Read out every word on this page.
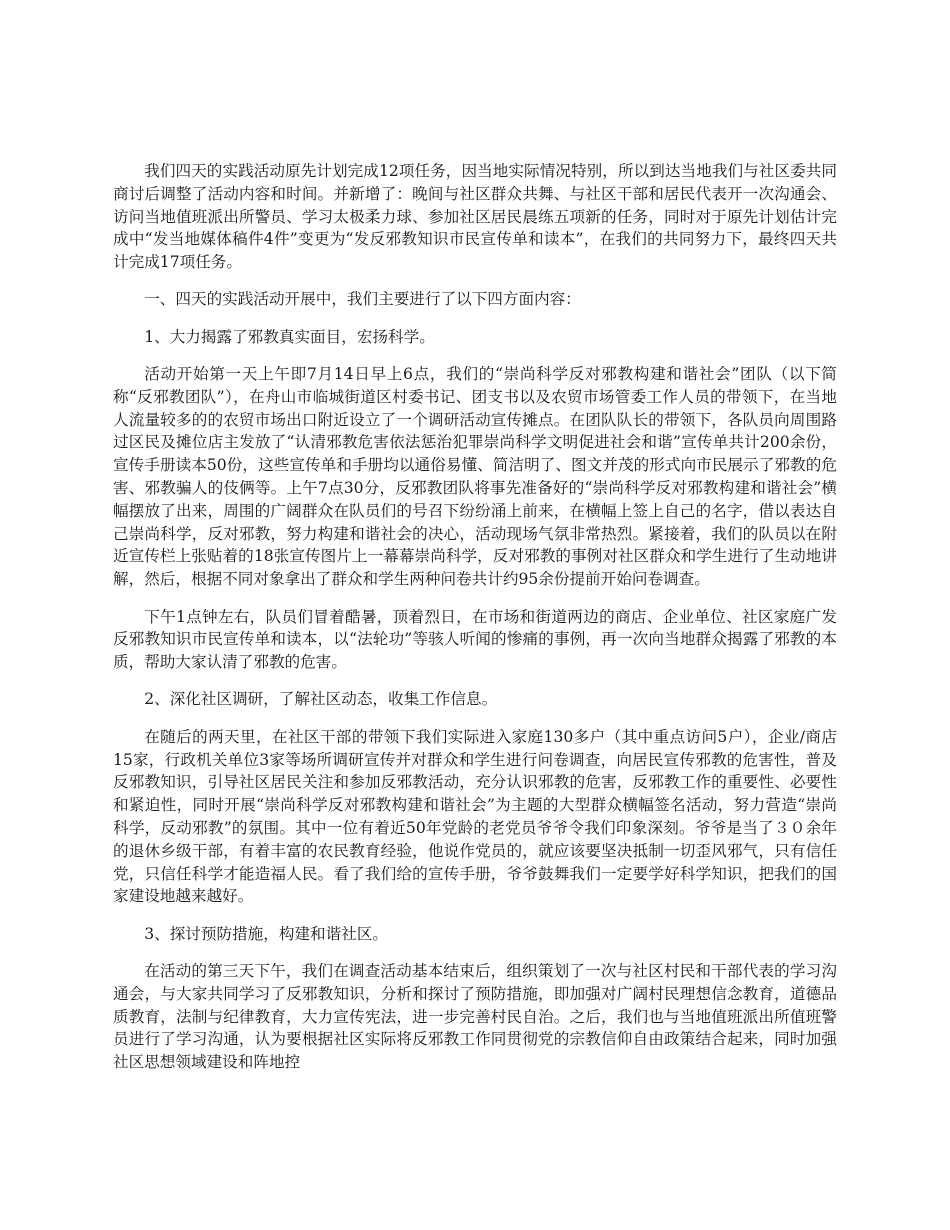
我们四天的实践活动原先计划完成12项任务，因当地实际情况特别，所以到达当地我们与社区委共同商讨后调整了活动内容和时间。并新增了：晚间与社区群众共舞、与社区干部和居民代表开一次沟通会、访问当地值班派出所警员、学习太极柔力球、参加社区居民晨练五项新的任务，同时对于原先计划估计完成中“发当地媒体稿件4件”变更为“发反邪教知识市民宣传单和读本”，在我们的共同努力下，最终四天共计完成17项任务。

一、四天的实践活动开展中，我们主要进行了以下四方面内容：

1、大力揭露了邪教真实面目，宏扬科学。

活动开始第一天上午即7月14日早上6点，我们的“崇尚科学反对邪教构建和谐社会”团队（以下简称“反邪教团队”），在舟山市临城街道区村委书记、团支书以及农贸市场管委工作人员的带领下，在当地人流量较多的的农贸市场出口附近设立了一个调研活动宣传摊点。在团队队长的带领下，各队员向周围路过区民及摊位店主发放了“认清邪教危害依法惩治犯罪崇尚科学文明促进社会和谐”宣传单共计200余份，宣传手册读本50份，这些宣传单和手册均以通俗易懂、简洁明了、图文并茂的形式向市民展示了邪教的危害、邪教骗人的伎俩等。上午7点30分，反邪教团队将事先准备好的“崇尚科学反对邪教构建和谐社会”横幅摆放了出来，周围的广阔群众在队员们的号召下纷纷涌上前来，在横幅上签上自己的名字，借以表达自己崇尚科学，反对邪教，努力构建和谐社会的决心，活动现场气氛非常热烈。紧接着，我们的队员以在附近宣传栏上张贴着的18张宣传图片上一幕幕崇尚科学，反对邪教的事例对社区群众和学生进行了生动地讲解，然后，根据不同对象拿出了群众和学生两种问卷共计约95余份提前开始问卷调查。

下午1点钟左右，队员们冒着酷暑，顶着烈日，在市场和街道两边的商店、企业单位、社区家庭广发反邪教知识市民宣传单和读本，以“法轮功”等骇人听闻的惨痛的事例，再一次向当地群众揭露了邪教的本质，帮助大家认清了邪教的危害。

2、深化社区调研，了解社区动态，收集工作信息。

在随后的两天里，在社区干部的带领下我们实际进入家庭130多户（其中重点访问5户），企业/商店15家，行政机关单位3家等场所调研宣传并对群众和学生进行问卷调查，向居民宣传邪教的危害性，普及反邪教知识，引导社区居民关注和参加反邪教活动，充分认识邪教的危害，反邪教工作的重要性、必要性和紧迫性，同时开展“崇尚科学反对邪教构建和谐社会”为主题的大型群众横幅签名活动，努力营造“崇尚科学，反动邪教”的氛围。其中一位有着近50年党龄的老党员爷爷令我们印象深刻。爷爷是当了３０余年的退休乡级干部，有着丰富的农民教育经验，他说作党员的，就应该要坚决抵制一切歪风邪气，只有信任党，只信任科学才能造福人民。看了我们给的宣传手册，爷爷鼓舞我们一定要学好科学知识，把我们的国家建设地越来越好。

3、探讨预防措施，构建和谐社区。

在活动的第三天下午，我们在调查活动基本结束后，组织策划了一次与社区村民和干部代表的学习沟通会，与大家共同学习了反邪教知识，分析和探讨了预防措施，即加强对广阔村民理想信念教育，道德品质教育，法制与纪律教育，大力宣传宪法，进一步完善村民自治。之后，我们也与当地值班派出所值班警员进行了学习沟通，认为要根据社区实际将反邪教工作同贯彻党的宗教信仰自由政策结合起来，同时加强社区思想领域建设和阵地控
